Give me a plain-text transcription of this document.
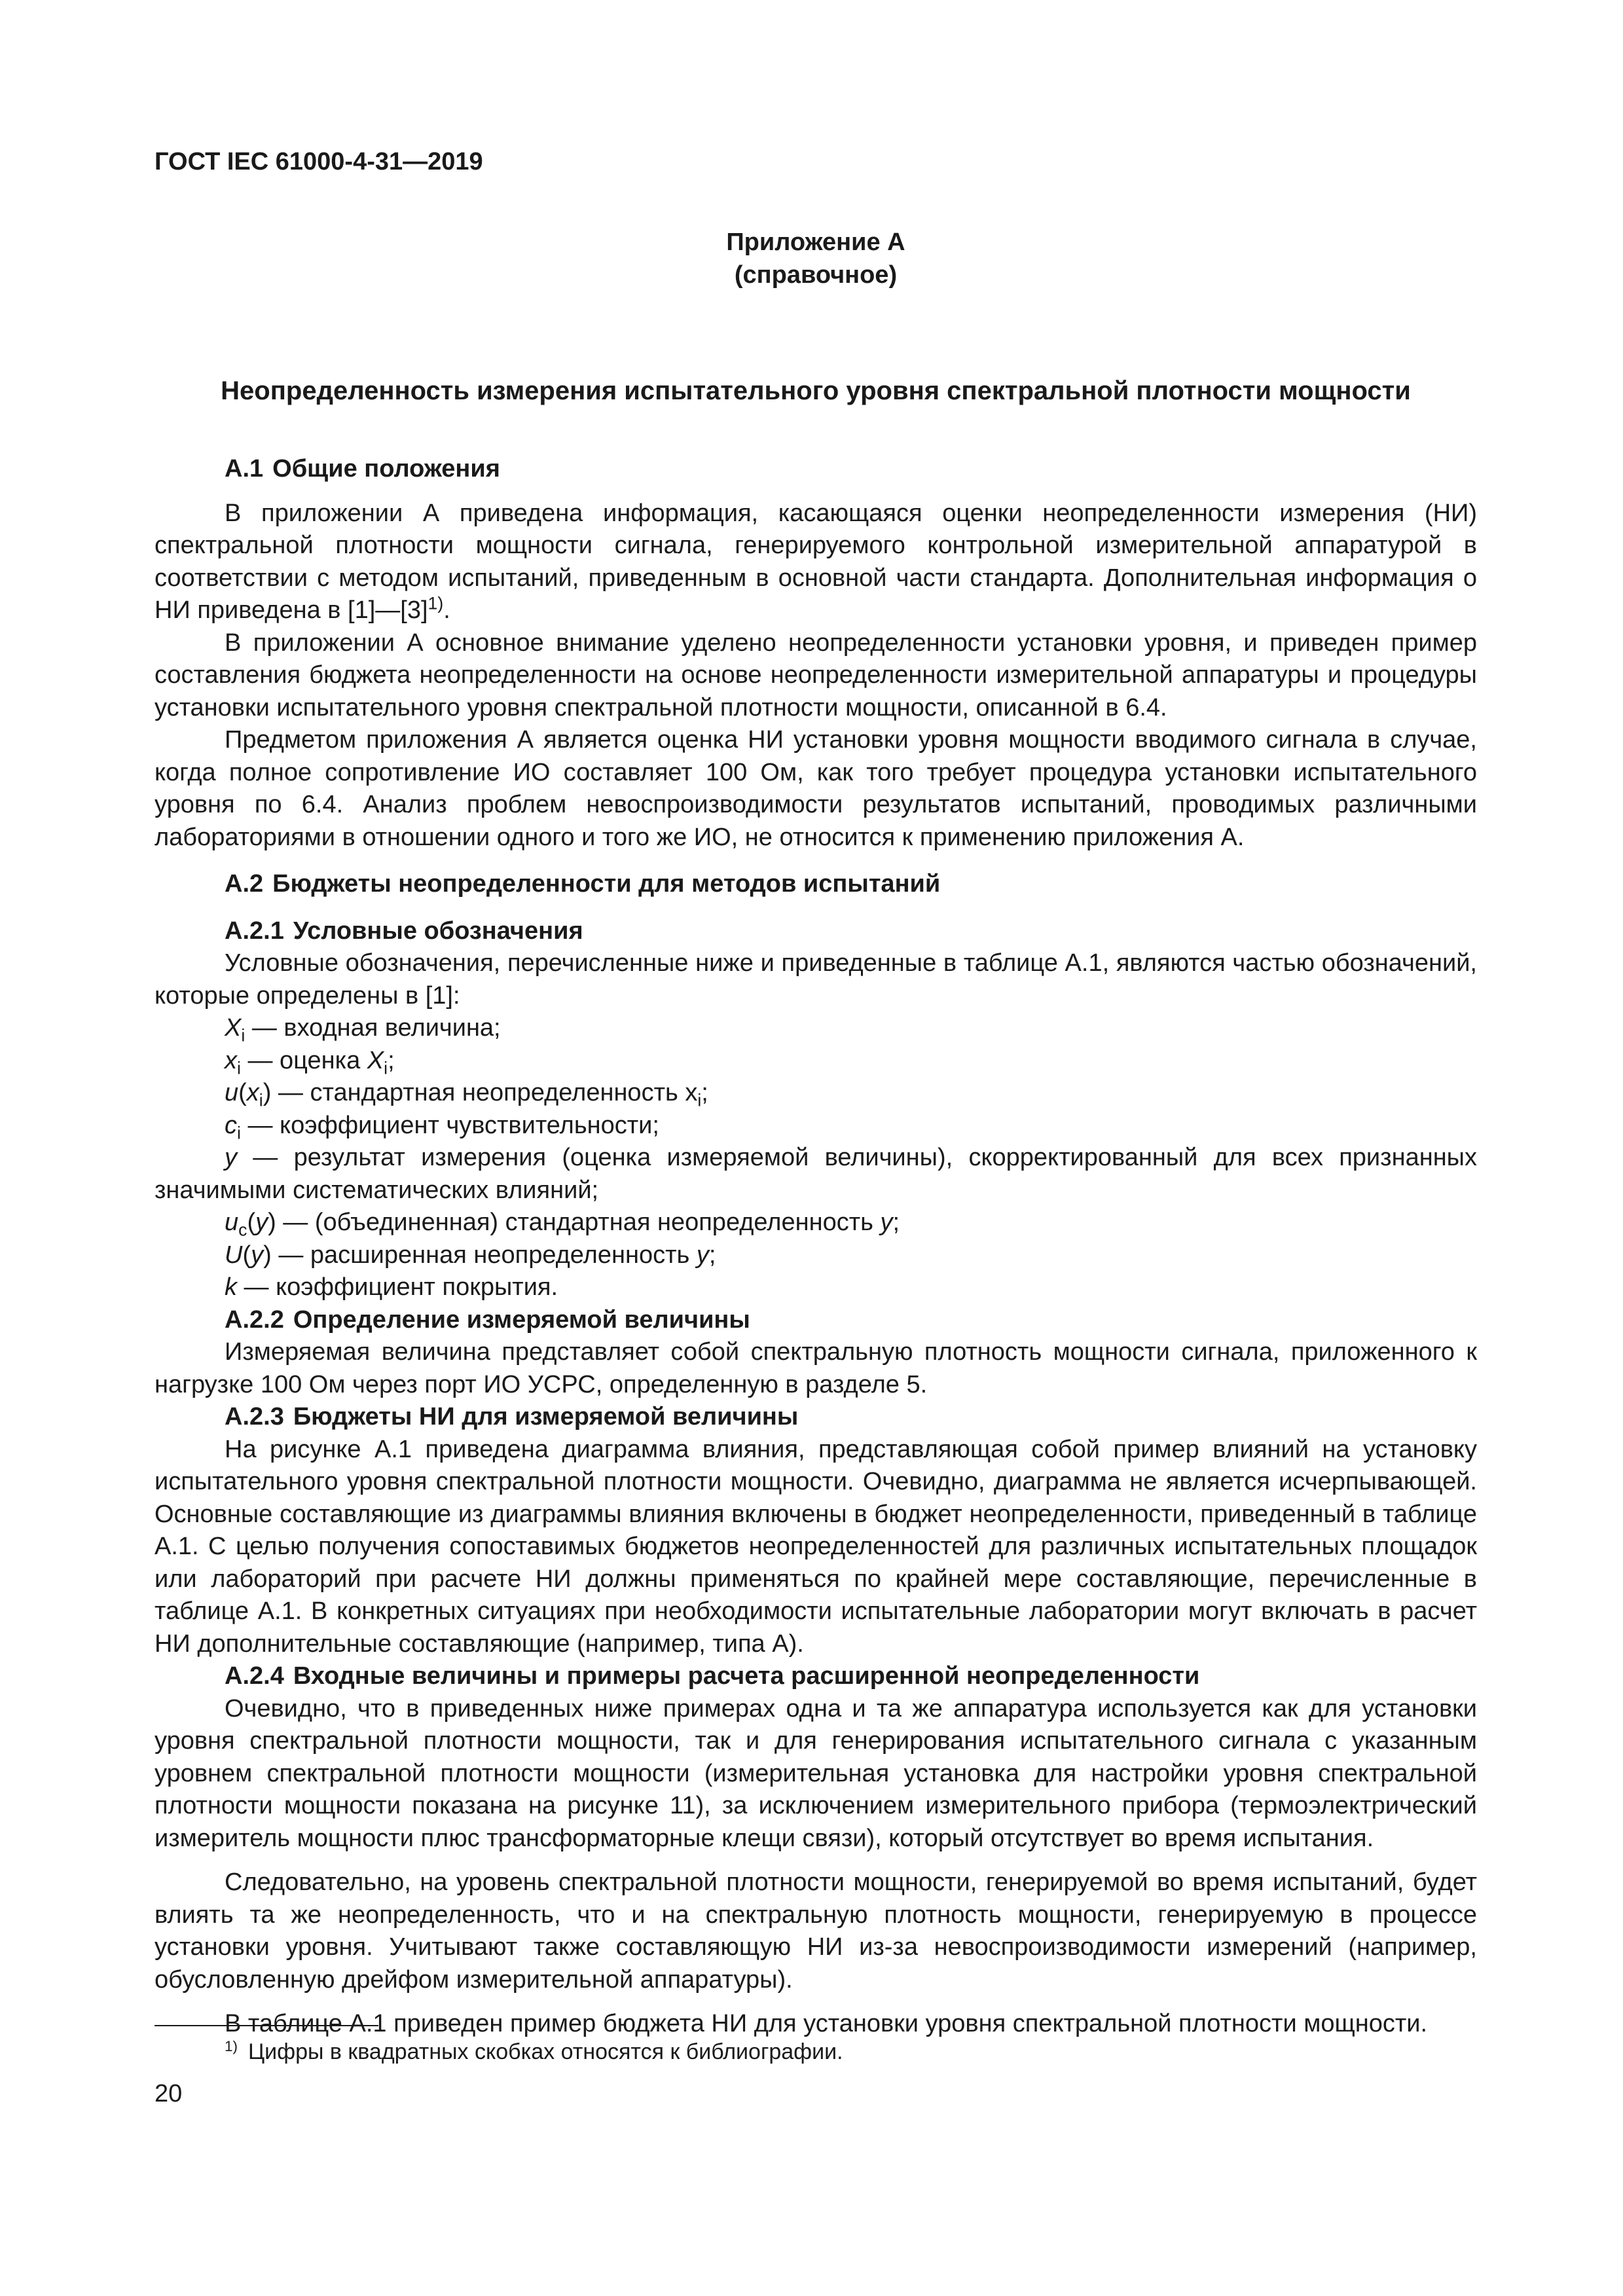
ГОСТ IEC 61000-4-31—2019

Приложение А
(справочное)

Неопределенность измерения испытательного уровня спектральной плотности мощности

А.1 Общие положения

В приложении А приведена информация, касающаяся оценки неопределенности измерения (НИ) спектральной плотности мощности сигнала, генерируемого контрольной измерительной аппаратурой в соответствии с методом испытаний, приведенным в основной части стандарта. Дополнительная информация о НИ приведена в $[1]—[3]^{1)}$.

В приложении А основное внимание уделено неопределенности установки уровня, и приведен пример составления бюджета неопределенности на основе неопределенности измерительной аппаратуры и процедуры установки испытательного уровня спектральной плотности мощности, описанной в 6.4.

Предметом приложения А является оценка НИ установки уровня мощности вводимого сигнала в случае, когда полное сопротивление ИО составляет 100 Ом, как того требует процедура установки испытательного уровня по 6.4. Анализ проблем невоспроизводимости результатов испытаний, проводимых различными лабораториями в отношении одного и того же ИО, не относится к применению приложения А.

А.2 Бюджеты неопределенности для методов испытаний
А.2.1 Условные обозначения

Условные обозначения, перечисленные ниже и приведенные в таблице А.1, являются частью обозначений, которые определены в [1]:

$X_i$ — входная величина;
$x_i$ — оценка $X_i$;
$u(x_i)$ — стандартная неопределенность $x_i$;
$c_i$ — коэффициент чувствительности;
y — результат измерения (оценка измеряемой величины), скорректированный для всех признанных значимыми систематических влияний;
$u_c(y)$ — (объединенная) стандартная неопределенность y;
U(y) — расширенная неопределенность y;
k — коэффициент покрытия.
А.2.2 Определение измеряемой величины

Измеряемая величина представляет собой спектральную плотность мощности сигнала, приложенного к нагрузке 100 Ом через порт ИО УСРС, определенную в разделе 5.

А.2.3 Бюджеты НИ для измеряемой величины

На рисунке А.1 приведена диаграмма влияния, представляющая собой пример влияний на установку испытательного уровня спектральной плотности мощности. Очевидно, диаграмма не является исчерпывающей. Основные составляющие из диаграммы влияния включены в бюджет неопределенности, приведенный в таблице А.1. С целью получения сопоставимых бюджетов неопределенностей для различных испытательных площадок или лабораторий при расчете НИ должны применяться по крайней мере составляющие, перечисленные в таблице А.1. В конкретных ситуациях при необходимости испытательные лаборатории могут включать в расчет НИ дополнительные составляющие (например, типа А).

А.2.4 Входные величины и примеры расчета расширенной неопределенности

Очевидно, что в приведенных ниже примерах одна и та же аппаратура используется как для установки уровня спектральной плотности мощности, так и для генерирования испытательного сигнала с указанным уровнем спектральной плотности мощности (измерительная установка для настройки уровня спектральной плотности мощности показана на рисунке 11), за исключением измерительного прибора (термоэлектрический измеритель мощности плюс трансформаторные клещи связи), который отсутствует во время испытания.

Следовательно, на уровень спектральной плотности мощности, генерируемой во время испытаний, будет влиять та же неопределенность, что и на спектральную плотность мощности, генерируемую в процессе установки уровня. Учитывают также составляющую НИ из-за невоспроизводимости измерений (например, обусловленную дрейфом измерительной аппаратуры).

В таблице А.1 приведен пример бюджета НИ для установки уровня спектральной плотности мощности.

$^{1)}$ Цифры в квадратных скобках относятся к библиографии.

20
